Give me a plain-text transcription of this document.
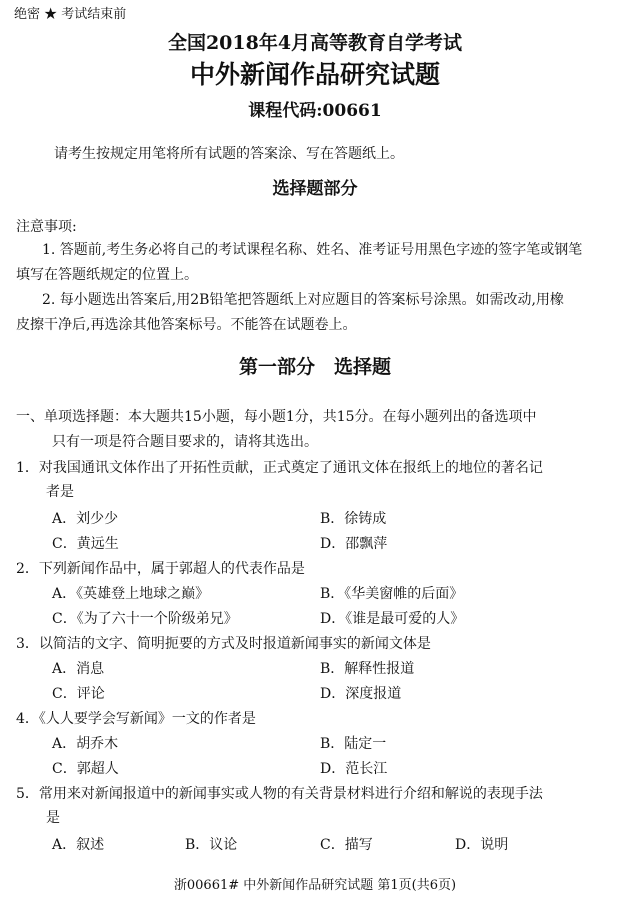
绝密 ★ 考试结束前
全国2018年4月高等教育自学考试
中外新闻作品研究试题
课程代码:00661
请考生按规定用笔将所有试题的答案涂、写在答题纸上。
选择题部分
注意事项:
1. 答题前,考生务必将自己的考试课程名称、姓名、准考证号用黑色字迹的签字笔或钢笔
填写在答题纸规定的位置上。
2. 每小题选出答案后,用2B铅笔把答题纸上对应题目的答案标号涂黑。如需改动,用橡
皮擦干净后,再选涂其他答案标号。不能答在试题卷上。
第一部分　选择题
一、单项选择题：本大题共15小题，每小题1分，共15分。在每小题列出的备选项中
只有一项是符合题目要求的，请将其选出。
1．对我国通讯文体作出了开拓性贡献，正式奠定了通讯文体在报纸上的地位的著名记
者是
A．刘少少	B．徐铸成
C．黄远生	D．邵飘萍
2．下列新闻作品中，属于郭超人的代表作品是
A．《英雄登上地球之巅》	B．《华美窗帷的后面》
C．《为了六十一个阶级弟兄》	D．《谁是最可爱的人》
3．以简洁的文字、简明扼要的方式及时报道新闻事实的新闻文体是
A．消息	B．解释性报道
C．评论	D．深度报道
4．《人人要学会写新闻》一文的作者是
A．胡乔木	B．陆定一
C．郭超人	D．范长江
5．常用来对新闻报道中的新闻事实或人物的有关背景材料进行介绍和解说的表现手法
是
A．叙述	B．议论	C．描写	D．说明
浙00661# 中外新闻作品研究试题 第1页(共6页)
